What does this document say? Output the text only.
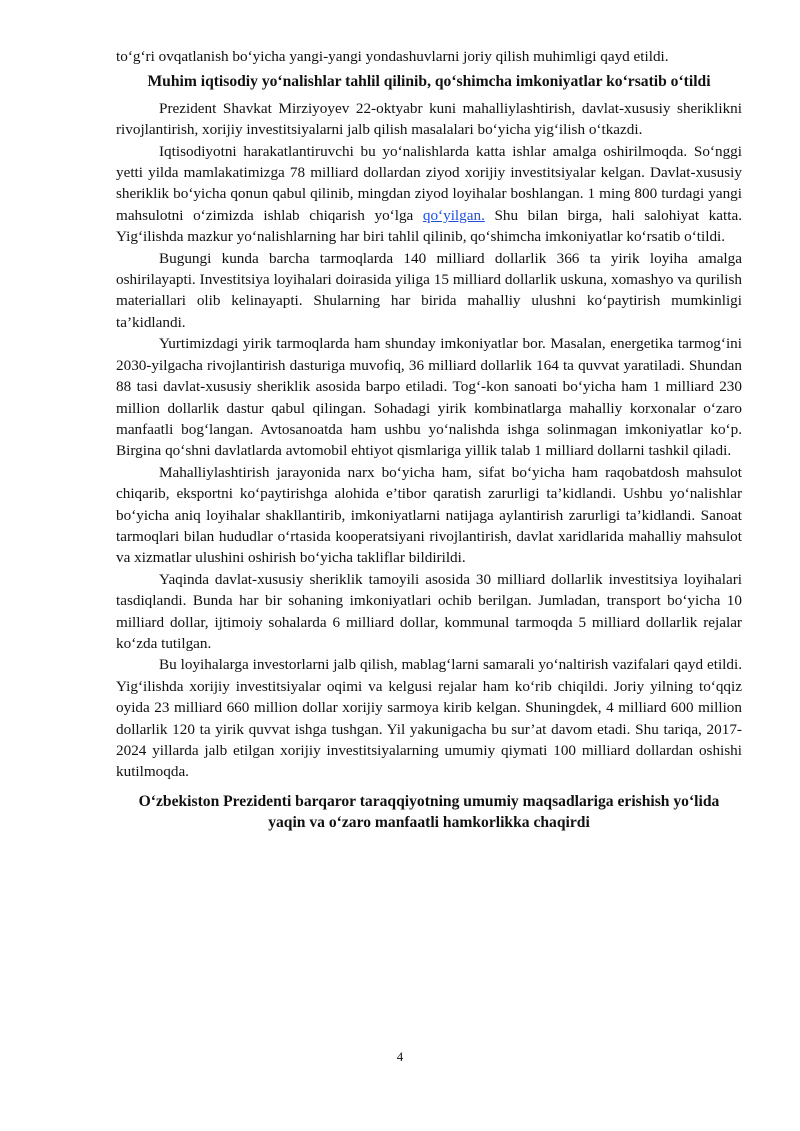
to‘g‘ri ovqatlanish bo‘yicha yangi-yangi yondashuvlarni joriy qilish muhimligi qayd etildi.

Muhim iqtisodiy yo‘nalishlar tahlil qilinib, qo‘shimcha imkoniyatlar ko‘rsatib o‘tildi

Prezident Shavkat Mirziyoyev 22-oktyabr kuni mahalliylashtirish, davlat-xususiy sheriklikni rivojlantirish, xorijiy investitsiyalarni jalb qilish masalalari bo‘yicha yig‘ilish o‘tkazdi.

Iqtisodiyotni harakatlantiruvchi bu yo‘nalishlarda katta ishlar amalga oshirilmoqda. So‘nggi yetti yilda mamlakatimizga 78 milliard dollardan ziyod xorijiy investitsiyalar kelgan. Davlat-xususiy sheriklik bo‘yicha qonun qabul qilinib, mingdan ziyod loyihalar boshlangan. 1 ming 800 turdagi yangi mahsulotni o‘zimizda ishlab chiqarish yo‘lga qo‘yilgan. Shu bilan birga, hali salohiyat katta. Yig‘ilishda mazkur yo‘nalishlarning har biri tahlil qilinib, qo‘shimcha imkoniyatlar ko‘rsatib o‘tildi.

Bugungi kunda barcha tarmoqlarda 140 milliard dollarlik 366 ta yirik loyiha amalga oshirilayapti. Investitsiya loyihalari doirasida yiliga 15 milliard dollarlik uskuna, xomashyo va qurilish materiallari olib kelinayapti. Shularning har birida mahalliy ulushni ko‘paytirish mumkinligi ta’kidlandi.

Yurtimizdagi yirik tarmoqlarda ham shunday imkoniyatlar bor. Masalan, energetika tarmog‘ini 2030-yilgacha rivojlantirish dasturiga muvofiq, 36 milliard dollarlik 164 ta quvvat yaratiladi. Shundan 88 tasi davlat-xususiy sheriklik asosida barpo etiladi. Tog‘-kon sanoati bo‘yicha ham 1 milliard 230 million dollarlik dastur qabul qilingan. Sohadagi yirik kombinatlarga mahalliy korxonalar o‘zaro manfaatli bog‘langan. Avtosanoatda ham ushbu yo‘nalishda ishga solinmagan imkoniyatlar ko‘p. Birgina qo‘shni davlatlarda avtomobil ehtiyot qismlariga yillik talab 1 milliard dollarni tashkil qiladi.

Mahalliylashtirish jarayonida narx bo‘yicha ham, sifat bo‘yicha ham raqobatdosh mahsulot chiqarib, eksportni ko‘paytirishga alohida e’tibor qaratish zarurligi ta’kidlandi. Ushbu yo‘nalishlar bo‘yicha aniq loyihalar shakllantirib, imkoniyatlarni natijaga aylantirish zarurligi ta’kidlandi. Sanoat tarmoqlari bilan hududlar o‘rtasida kooperatsiyani rivojlantirish, davlat xaridlarida mahalliy mahsulot va xizmatlar ulushini oshirish bo‘yicha takliflar bildirildi.

Yaqinda davlat-xususiy sheriklik tamoyili asosida 30 milliard dollarlik investitsiya loyihalari tasdiqlandi. Bunda har bir sohaning imkoniyatlari ochib berilgan. Jumladan, transport bo‘yicha 10 milliard dollar, ijtimoiy sohalarda 6 milliard dollar, kommunal tarmoqda 5 milliard dollarlik rejalar ko‘zda tutilgan.

Bu loyihalarga investorlarni jalb qilish, mablag‘larni samarali yo‘naltirish vazifalari qayd etildi. Yig‘ilishda xorijiy investitsiyalar oqimi va kelgusi rejalar ham ko‘rib chiqildi. Joriy yilning to‘qqiz oyida 23 milliard 660 million dollar xorijiy sarmoya kirib kelgan. Shuningdek, 4 milliard 600 million dollarlik 120 ta yirik quvvat ishga tushgan. Yil yakunigacha bu sur’at davom etadi. Shu tariqa, 2017-2024 yillarda jalb etilgan xorijiy investitsiyalarning umumiy qiymati 100 milliard dollardan oshishi kutilmoqda.

O‘zbekiston Prezidenti barqaror taraqqiyotning umumiy maqsadlariga erishish yo‘lida yaqin va o‘zaro manfaatli hamkorlikka chaqirdi
4
